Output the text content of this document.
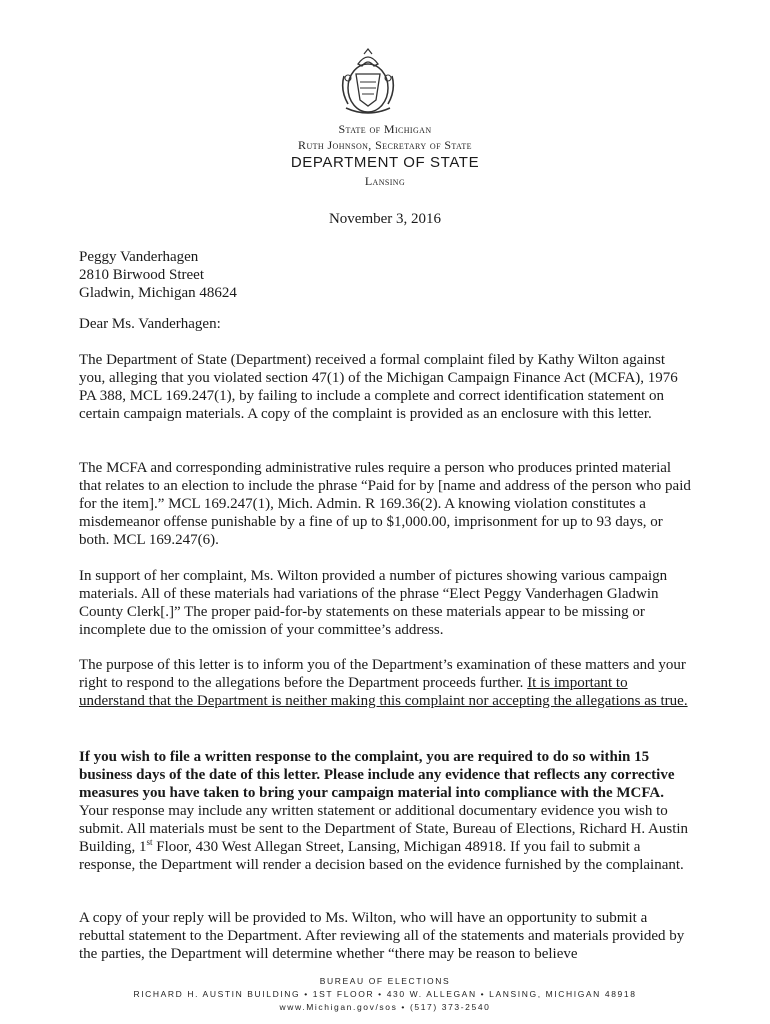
State of Michigan
Ruth Johnson, Secretary of State
DEPARTMENT OF STATE
Lansing
November 3, 2016

Peggy Vanderhagen

2810 Birwood Street

Gladwin, Michigan 48624

Dear Ms. Vanderhagen:
The Department of State (Department) received a formal complaint filed by Kathy Wilton against you, alleging that you violated section 47(1) of the Michigan Campaign Finance Act (MCFA), 1976 PA 388, MCL 169.247(1), by failing to include a complete and correct identification statement on certain campaign materials. A copy of the complaint is provided as an enclosure with this letter.
The MCFA and corresponding administrative rules require a person who produces printed material that relates to an election to include the phrase “Paid for by [name and address of the person who paid for the item].” MCL 169.247(1), Mich. Admin. R 169.36(2). A knowing violation constitutes a misdemeanor offense punishable by a fine of up to $1,000.00, imprisonment for up to 93 days, or both. MCL 169.247(6).
In support of her complaint, Ms. Wilton provided a number of pictures showing various campaign materials. All of these materials had variations of the phrase “Elect Peggy Vanderhagen Gladwin County Clerk[.]” The proper paid-for-by statements on these materials appear to be missing or incomplete due to the omission of your committee’s address.
The purpose of this letter is to inform you of the Department’s examination of these matters and your right to respond to the allegations before the Department proceeds further. It is important to understand that the Department is neither making this complaint nor accepting the allegations as true.
If you wish to file a written response to the complaint, you are required to do so within 15 business days of the date of this letter. Please include any evidence that reflects any corrective measures you have taken to bring your campaign material into compliance with the MCFA. Your response may include any written statement or additional documentary evidence you wish to submit. All materials must be sent to the Department of State, Bureau of Elections, Richard H. Austin Building, 1st Floor, 430 West Allegan Street, Lansing, Michigan 48918. If you fail to submit a response, the Department will render a decision based on the evidence furnished by the complainant.
A copy of your reply will be provided to Ms. Wilton, who will have an opportunity to submit a rebuttal statement to the Department. After reviewing all of the statements and materials provided by the parties, the Department will determine whether “there may be reason to believe
BUREAU OF ELECTIONS
RICHARD H. AUSTIN BUILDING • 1ST FLOOR • 430 W. ALLEGAN • LANSING, MICHIGAN 48918
www.Michigan.gov/sos • (517) 373-2540
